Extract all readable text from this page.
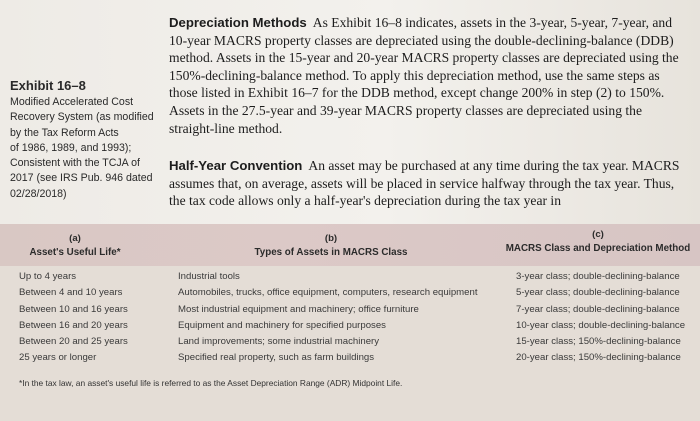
Exhibit 16–8
Modified Accelerated Cost
Recovery System (as modified
by the Tax Reform Acts
of 1986, 1989, and 1993);
Consistent with the TCJA of
2017 (see IRS Pub. 946 dated
02/28/2018)

Depreciation Methods As Exhibit 16–8 indicates, assets in the 3-year, 5-year, 7-year, and 10-year MACRS property classes are depreciated using the double-declining-balance (DDB) method. Assets in the 15-year and 20-year MACRS property classes are depreciated using the 150%-declining-balance method. To apply this depreciation method, use the same steps as those listed in Exhibit 16–7 for the DDB method, except change 200% in step (2) to 150%. Assets in the 27.5-year and 39-year MACRS property classes are depreciated using the straight-line method.

Half-Year Convention An asset may be purchased at any time during the tax year. MACRS assumes that, on average, assets will be placed in service halfway through the tax year. Thus, the tax code allows only a half-year's depreciation during the tax year in

(a)
Asset's Useful Life*
(b)
Types of Assets in MACRS Class
(c)
MACRS Class and Depreciation Method
Up to 4 years	Industrial tools	3-year class; double-declining-balance
Between 4 and 10 years	Automobiles, trucks, office equipment, computers, research equipment	5-year class; double-declining-balance
Between 10 and 16 years	Most industrial equipment and machinery; office furniture	7-year class; double-declining-balance
Between 16 and 20 years	Equipment and machinery for specified purposes	10-year class; double-declining-balance
Between 20 and 25 years	Land improvements; some industrial machinery	15-year class; 150%-declining-balance
25 years or longer	Specified real property, such as farm buildings	20-year class; 150%-declining-balance
*In the tax law, an asset's useful life is referred to as the Asset Depreciation Range (ADR) Midpoint Life.
